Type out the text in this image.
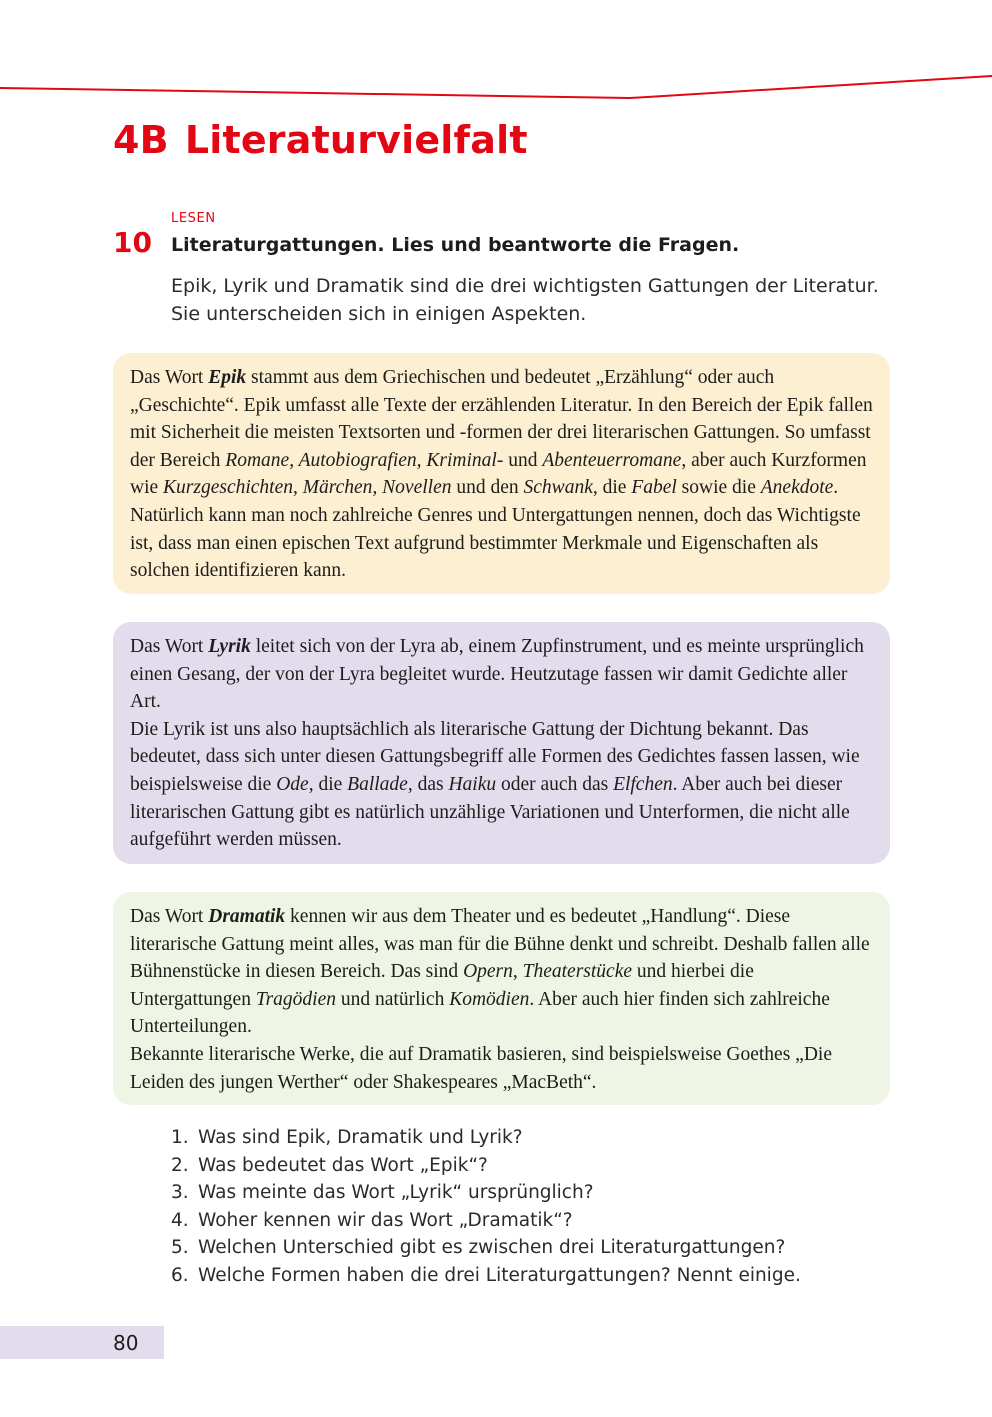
4B Literaturvielfalt
LESEN
10 Literaturgattungen. Lies und beantworte die Fragen.
Epik, Lyrik und Dramatik sind die drei wichtigsten Gattungen der Literatur. Sie unterscheiden sich in einigen Aspekten.

Das Wort Epik stammt aus dem Griechischen und bedeutet „Erzählung“ oder auch „Geschichte“. Epik umfasst alle Texte der erzählenden Literatur. In den Bereich der Epik fallen mit Sicherheit die meisten Textsorten und -formen der drei literarischen Gattungen. So umfasst der Bereich Romane, Autobiografien, Kriminal- und Abenteuerromane, aber auch Kurzformen wie Kurzgeschichten, Märchen, Novellen und den Schwank, die Fabel sowie die Anekdote. Natürlich kann man noch zahlreiche Genres und Untergattungen nennen, doch das Wichtigste ist, dass man einen epischen Text aufgrund bestimmter Merkmale und Eigenschaften als solchen identifizieren kann.

Das Wort Lyrik leitet sich von der Lyra ab, einem Zupfinstrument, und es meinte ursprünglich einen Gesang, der von der Lyra begleitet wurde. Heutzutage fassen wir damit Gedichte aller Art.

Die Lyrik ist uns also hauptsächlich als literarische Gattung der Dichtung bekannt. Das bedeutet, dass sich unter diesen Gattungsbegriff alle Formen des Gedichtes fassen lassen, wie beispielsweise die Ode, die Ballade, das Haiku oder auch das Elfchen. Aber auch bei dieser literarischen Gattung gibt es natürlich unzählige Variationen und Unterformen, die nicht alle aufgeführt werden müssen.

Das Wort Dramatik kennen wir aus dem Theater und es bedeutet „Handlung“. Diese literarische Gattung meint alles, was man für die Bühne denkt und schreibt. Deshalb fallen alle Bühnenstücke in diesen Bereich. Das sind Opern, Theaterstücke und hierbei die Untergattungen Tragödien und natürlich Komödien. Aber auch hier finden sich zahlreiche Unterteilungen.

Bekannte literarische Werke, die auf Dramatik basieren, sind beispielsweise Goethes „Die Leiden des jungen Werther“ oder Shakespeares „MacBeth“.

1. Was sind Epik, Dramatik und Lyrik?
2. Was bedeutet das Wort „Epik“?
3. Was meinte das Wort „Lyrik“ ursprünglich?
4. Woher kennen wir das Wort „Dramatik“?
5. Welchen Unterschied gibt es zwischen drei Literaturgattungen?
6. Welche Formen haben die drei Literaturgattungen? Nennt einige.
80
